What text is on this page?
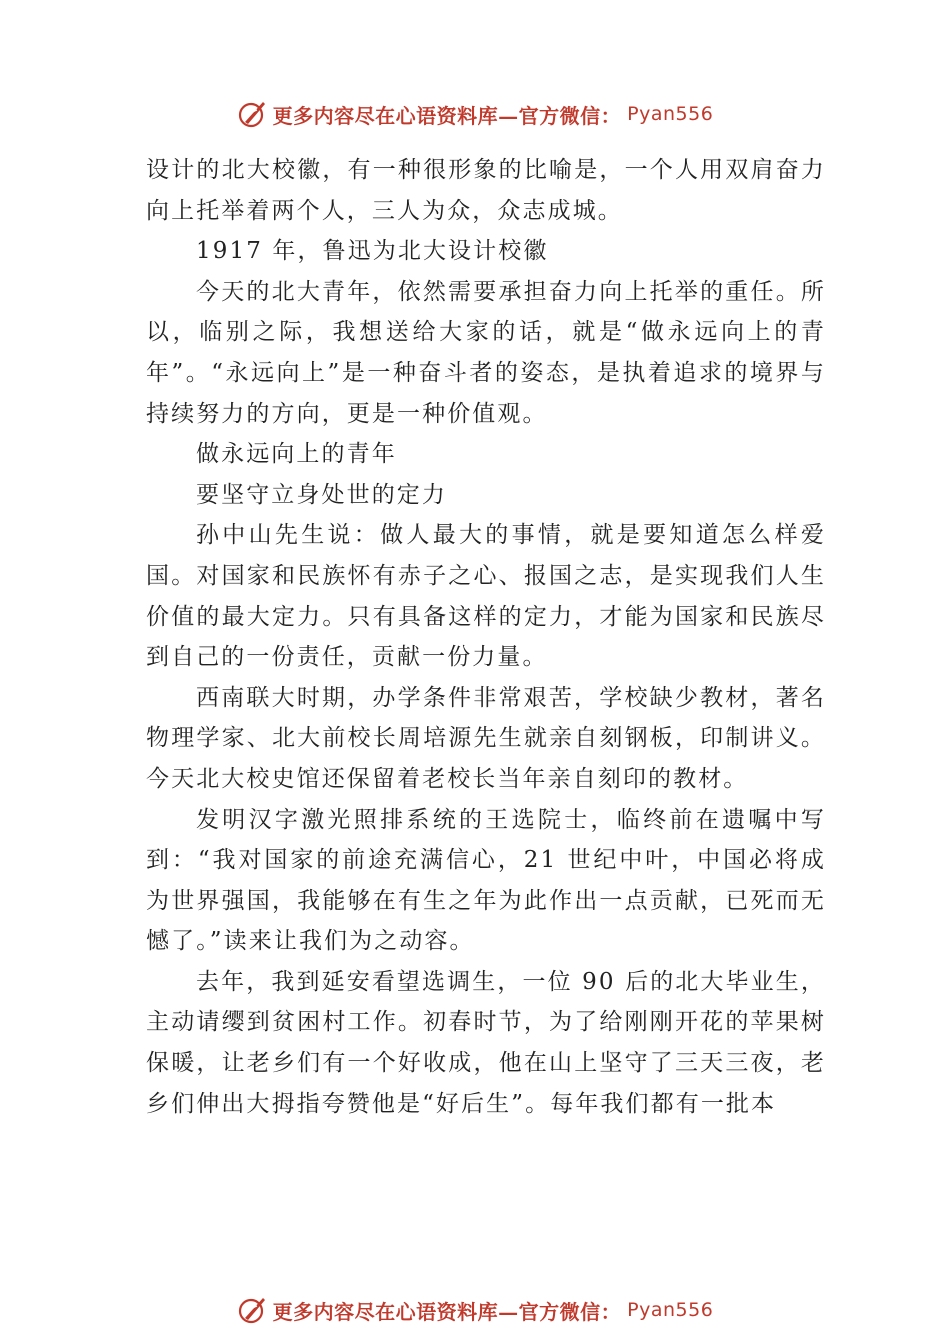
更多内容尽在心语资料库—官方微信： Pyan556

设计的北大校徽，有一种很形象的比喻是，一个人用双肩奋力向上托举着两个人，三人为众，众志成城。

1917 年，鲁迅为北大设计校徽

今天的北大青年，依然需要承担奋力向上托举的重任。所以，临别之际，我想送给大家的话，就是“做永远向上的青年”。“永远向上”是一种奋斗者的姿态，是执着追求的境界与持续努力的方向，更是一种价值观。

做永远向上的青年

要坚守立身处世的定力

孙中山先生说：做人最大的事情，就是要知道怎么样爱国。对国家和民族怀有赤子之心、报国之志，是实现我们人生价值的最大定力。只有具备这样的定力，才能为国家和民族尽到自己的一份责任，贡献一份力量。

西南联大时期，办学条件非常艰苦，学校缺少教材，著名物理学家、北大前校长周培源先生就亲自刻钢板，印制讲义。今天北大校史馆还保留着老校长当年亲自刻印的教材。

发明汉字激光照排系统的王选院士，临终前在遗嘱中写到：“我对国家的前途充满信心，21 世纪中叶，中国必将成为世界强国，我能够在有生之年为此作出一点贡献，已死而无憾了。”读来让我们为之动容。

去年，我到延安看望选调生，一位 90 后的北大毕业生，主动请缨到贫困村工作。初春时节，为了给刚刚开花的苹果树保暖，让老乡们有一个好收成，他在山上坚守了三天三夜，老乡们伸出大拇指夸赞他是“好后生”。每年我们都有一批本

更多内容尽在心语资料库—官方微信： Pyan556
